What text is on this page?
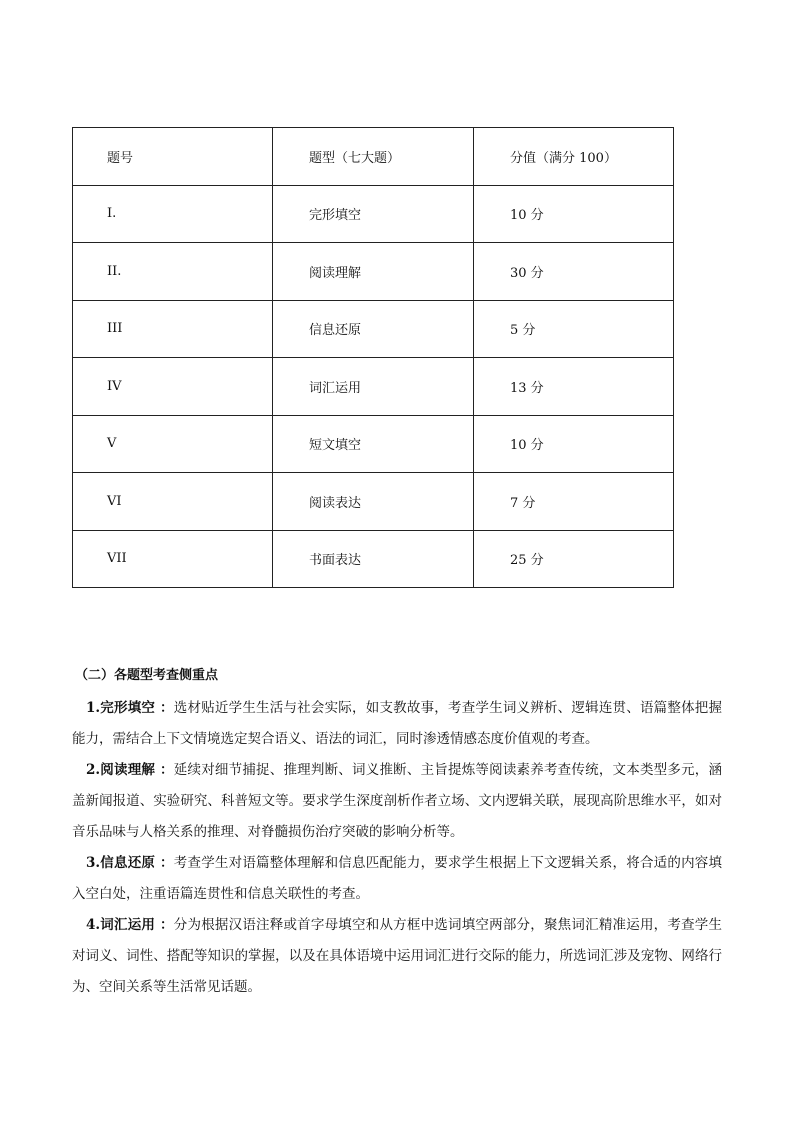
题号	题型（七大题）	分值（满分 100）
I.	完形填空	10 分
II.	阅读理解	30 分
III	信息还原	5 分
IV	词汇运用	13 分
V	短文填空	10 分
VI	阅读表达	7 分
VII	书面表达	25 分
（二）各题型考查侧重点

1.完形填空 ：选材贴近学生生活与社会实际，如支教故事，考查学生词义辨析、逻辑连贯、语篇整体把握能力，需结合上下文情境选定契合语义、语法的词汇，同时渗透情感态度价值观的考查。

2.阅读理解 ：延续对细节捕捉、推理判断、词义推断、主旨提炼等阅读素养考查传统，文本类型多元，涵盖新闻报道、实验研究、科普短文等。要求学生深度剖析作者立场、文内逻辑关联，展现高阶思维水平，如对音乐品味与人格关系的推理、对脊髓损伤治疗突破的影响分析等。

3.信息还原 ：考查学生对语篇整体理解和信息匹配能力，要求学生根据上下文逻辑关系，将合适的内容填入空白处，注重语篇连贯性和信息关联性的考查。

4.词汇运用 ：分为根据汉语注释或首字母填空和从方框中选词填空两部分，聚焦词汇精准运用，考查学生对词义、词性、搭配等知识的掌握，以及在具体语境中运用词汇进行交际的能力，所选词汇涉及宠物、网络行为、空间关系等生活常见话题。
